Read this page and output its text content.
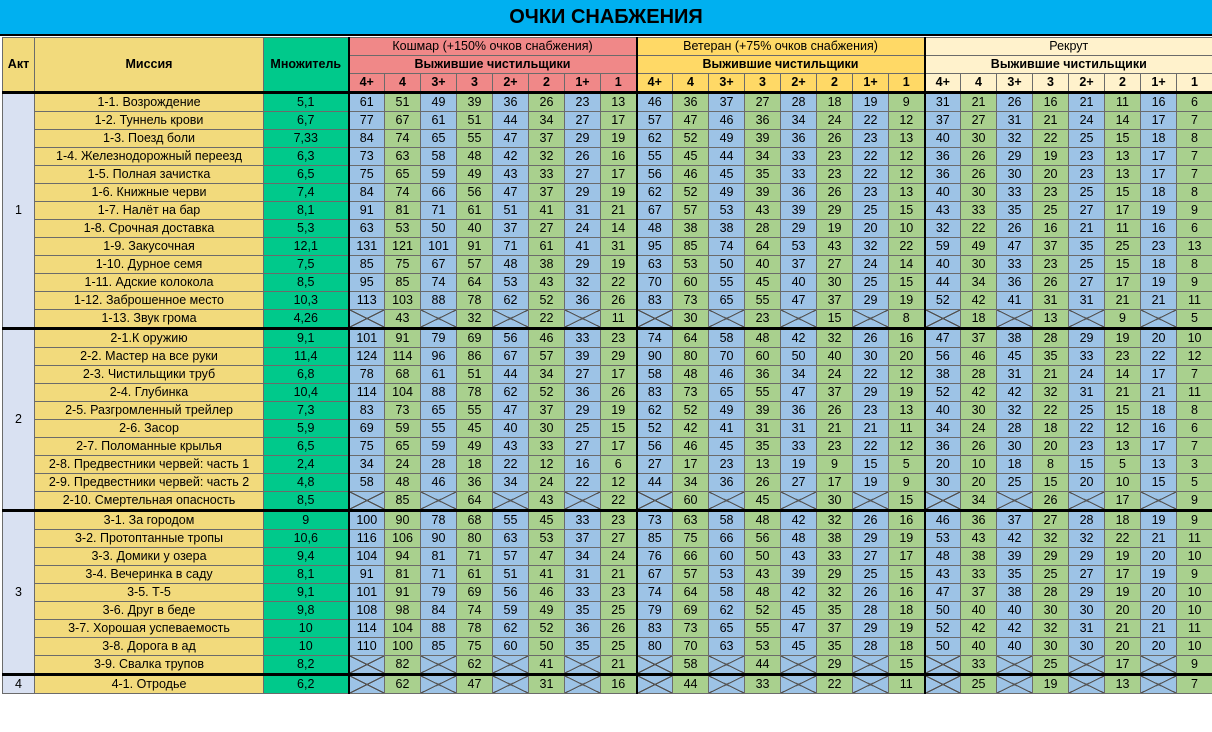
ОЧКИ СНАБЖЕНИЯ
Акт	Миссия	Множитель	Кошмар (+150% очков снабжения)								Ветеран (+75% очков снабжения)								Рекрут							
			Выжившие чистильщики								Выжившие чистильщики								Выжившие чистильщики							
			4+	4	3+	3	2+	2	1+	1	4+	4	3+	3	2+	2	1+	1	4+	4	3+	3	2+	2	1+	1
1	1-1. Возрождение	5,1	61	51	49	39	36	26	23	13	46	36	37	27	28	18	19	9	31	21	26	16	21	11	16	6
	1-2. Туннель крови	6,7	77	67	61	51	44	34	27	17	57	47	46	36	34	24	22	12	37	27	31	21	24	14	17	7
	1-3. Поезд боли	7,33	84	74	65	55	47	37	29	19	62	52	49	39	36	26	23	13	40	30	32	22	25	15	18	8
	1-4. Железнодорожный переезд	6,3	73	63	58	48	42	32	26	16	55	45	44	34	33	23	22	12	36	26	29	19	23	13	17	7
	1-5. Полная зачистка	6,5	75	65	59	49	43	33	27	17	56	46	45	35	33	23	22	12	36	26	30	20	23	13	17	7
	1-6. Книжные черви	7,4	84	74	66	56	47	37	29	19	62	52	49	39	36	26	23	13	40	30	33	23	25	15	18	8
	1-7. Налёт на бар	8,1	91	81	71	61	51	41	31	21	67	57	53	43	39	29	25	15	43	33	35	25	27	17	19	9
	1-8. Срочная доставка	5,3	63	53	50	40	37	27	24	14	48	38	38	28	29	19	20	10	32	22	26	16	21	11	16	6
	1-9. Закусочная	12,1	131	121	101	91	71	61	41	31	95	85	74	64	53	43	32	22	59	49	47	37	35	25	23	13
	1-10. Дурное семя	7,5	85	75	67	57	48	38	29	19	63	53	50	40	37	27	24	14	40	30	33	23	25	15	18	8
	1-11. Адские колокола	8,5	95	85	74	64	53	43	32	22	70	60	55	45	40	30	25	15	44	34	36	26	27	17	19	9
	1-12. Заброшенное место	10,3	113	103	88	78	62	52	36	26	83	73	65	55	47	37	29	19	52	42	41	31	31	21	21	11
	1-13. Звук грома	4,26		43		32		22		11		30		23		15		8		18		13		9		5
2	2-1.К оружию	9,1	101	91	79	69	56	46	33	23	74	64	58	48	42	32	26	16	47	37	38	28	29	19	20	10
	2-2. Мастер на все руки	11,4	124	114	96	86	67	57	39	29	90	80	70	60	50	40	30	20	56	46	45	35	33	23	22	12
	2-3. Чистильщики труб	6,8	78	68	61	51	44	34	27	17	58	48	46	36	34	24	22	12	38	28	31	21	24	14	17	7
	2-4. Глубинка	10,4	114	104	88	78	62	52	36	26	83	73	65	55	47	37	29	19	52	42	42	32	31	21	21	11
	2-5. Разгромленный трейлер	7,3	83	73	65	55	47	37	29	19	62	52	49	39	36	26	23	13	40	30	32	22	25	15	18	8
	2-6. Засор	5,9	69	59	55	45	40	30	25	15	52	42	41	31	31	21	21	11	34	24	28	18	22	12	16	6
	2-7. Поломанные крылья	6,5	75	65	59	49	43	33	27	17	56	46	45	35	33	23	22	12	36	26	30	20	23	13	17	7
	2-8. Предвестники червей: часть 1	2,4	34	24	28	18	22	12	16	6	27	17	23	13	19	9	15	5	20	10	18	8	15	5	13	3
	2-9. Предвестники червей: часть 2	4,8	58	48	46	36	34	24	22	12	44	34	36	26	27	17	19	9	30	20	25	15	20	10	15	5
	2-10. Смертельная опасность	8,5		85		64		43		22		60		45		30		15		34		26		17		9
3	3-1. За городом	9	100	90	78	68	55	45	33	23	73	63	58	48	42	32	26	16	46	36	37	27	28	18	19	9
	3-2. Протоптанные тропы	10,6	116	106	90	80	63	53	37	27	85	75	66	56	48	38	29	19	53	43	42	32	32	22	21	11
	3-3. Домики у озера	9,4	104	94	81	71	57	47	34	24	76	66	60	50	43	33	27	17	48	38	39	29	29	19	20	10
	3-4. Вечеринка в саду	8,1	91	81	71	61	51	41	31	21	67	57	53	43	39	29	25	15	43	33	35	25	27	17	19	9
	3-5. Т-5	9,1	101	91	79	69	56	46	33	23	74	64	58	48	42	32	26	16	47	37	38	28	29	19	20	10
	3-6. Друг в беде	9,8	108	98	84	74	59	49	35	25	79	69	62	52	45	35	28	18	50	40	40	30	30	20	20	10
	3-7. Хорошая успеваемость	10	114	104	88	78	62	52	36	26	83	73	65	55	47	37	29	19	52	42	42	32	31	21	21	11
	3-8. Дорога в ад	10	110	100	85	75	60	50	35	25	80	70	63	53	45	35	28	18	50	40	40	30	30	20	20	10
	3-9. Свалка трупов	8,2		82		62		41		21		58		44		29		15		33		25		17		9
4	4-1. Отродье	6,2		62		47		31		16		44		33		22		11		25		19		13		7
